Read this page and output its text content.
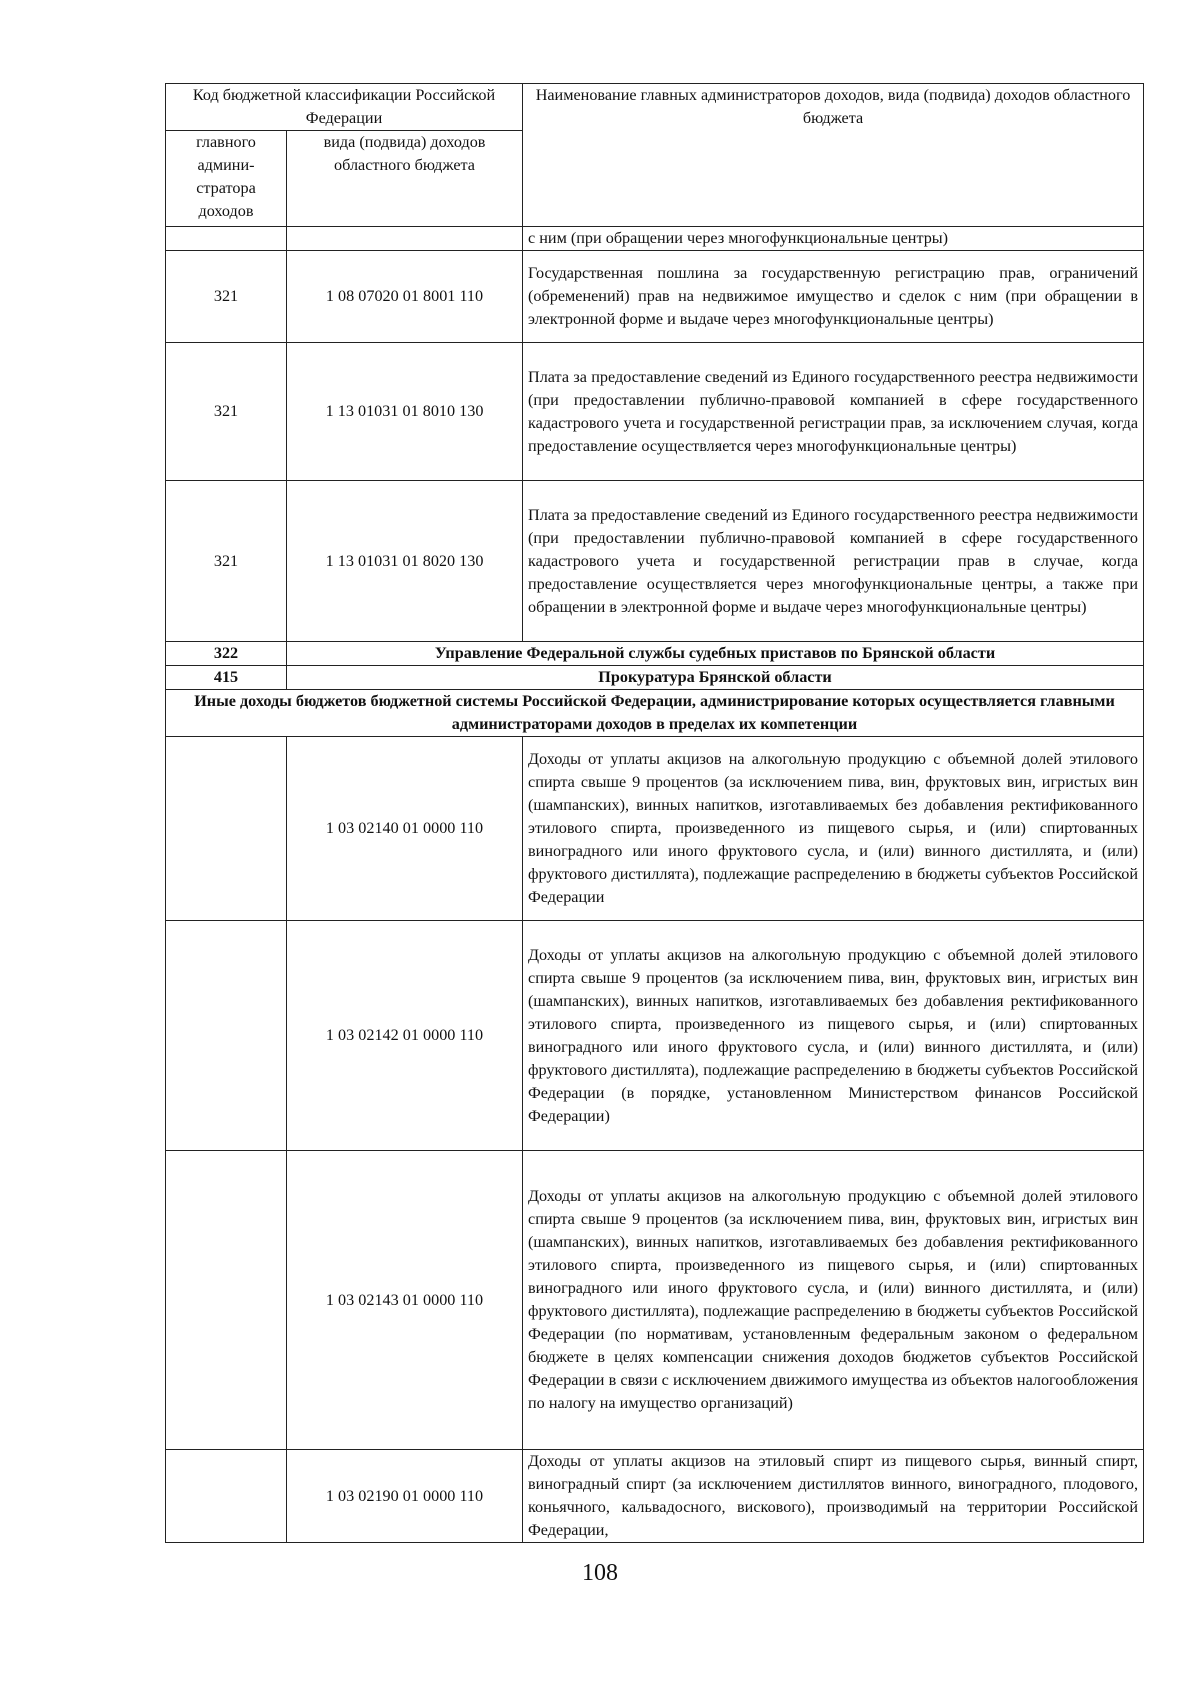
Код бюджетной классификации Российской Федерации		Наименование главных администраторов доходов, вида (подвида) доходов областного бюджета
главного админи-стратора доходов	вида (подвида) доходов областного бюджета	
		с ним (при обращении через многофункциональные центры)
321	1 08 07020 01 8001 110	Государственная пошлина за государственную регистрацию прав, ограничений (обременений) прав на недвижимое имущество и сделок с ним (при обращении в электронной форме и выдаче через многофункциональные центры)
321	1 13 01031 01 8010 130	Плата за предоставление сведений из Единого государственного реестра недвижимости (при предоставлении публично-правовой компанией в сфере государственного кадастрового учета и государственной регистрации прав, за исключением случая, когда предоставление осуществляется через многофункциональные центры)
321	1 13 01031 01 8020 130	Плата за предоставление сведений из Единого государственного реестра недвижимости (при предоставлении публично-правовой компанией в сфере государственного кадастрового учета и государственной регистрации прав в случае, когда предоставление осуществляется через многофункциональные центры, а также при обращении в электронной форме и выдаче через многофункциональные центры)
322	Управление Федеральной службы судебных приставов по Брянской области	
415	Прокуратура Брянской области	
Иные доходы бюджетов бюджетной системы Российской Федерации, администрирование которых осуществляется главными администраторами доходов в пределах их компетенции		
	1 03 02140 01 0000 110	Доходы от уплаты акцизов на алкогольную продукцию с объемной долей этилового спирта свыше 9 процентов (за исключением пива, вин, фруктовых вин, игристых вин (шампанских), винных напитков, изготавливаемых без добавления ректификованного этилового спирта, произведенного из пищевого сырья, и (или) спиртованных виноградного или иного фруктового сусла, и (или) винного дистиллята, и (или) фруктового дистиллята), подлежащие распределению в бюджеты субъектов Российской Федерации
	1 03 02142 01 0000 110	Доходы от уплаты акцизов на алкогольную продукцию с объемной долей этилового спирта свыше 9 процентов (за исключением пива, вин, фруктовых вин, игристых вин (шампанских), винных напитков, изготавливаемых без добавления ректификованного этилового спирта, произведенного из пищевого сырья, и (или) спиртованных виноградного или иного фруктового сусла, и (или) винного дистиллята, и (или) фруктового дистиллята), подлежащие распределению в бюджеты субъектов Российской Федерации (в порядке, установленном Министерством финансов Российской Федерации)
	1 03 02143 01 0000 110	Доходы от уплаты акцизов на алкогольную продукцию с объемной долей этилового спирта свыше 9 процентов (за исключением пива, вин, фруктовых вин, игристых вин (шампанских), винных напитков, изготавливаемых без добавления ректификованного этилового спирта, произведенного из пищевого сырья, и (или) спиртованных виноградного или иного фруктового сусла, и (или) винного дистиллята, и (или) фруктового дистиллята), подлежащие распределению в бюджеты субъектов Российской Федерации (по нормативам, установленным федеральным законом о федеральном бюджете в целях компенсации снижения доходов бюджетов субъектов Российской Федерации в связи с исключением движимого имущества из объектов налогообложения по налогу на имущество организаций)
	1 03 02190 01 0000 110	Доходы от уплаты акцизов на этиловый спирт из пищевого сырья, винный спирт, виноградный спирт (за исключением дистиллятов винного, виноградного, плодового, коньячного, кальвадосного, вискового), производимый на территории Российской Федерации,
108
